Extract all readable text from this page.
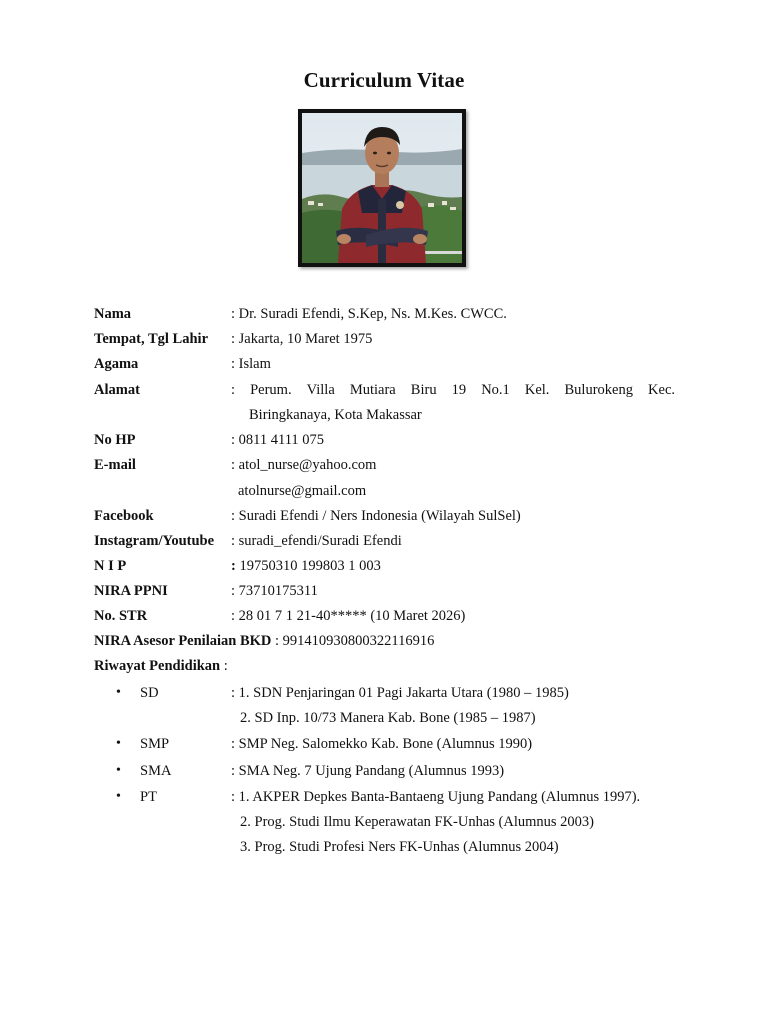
Curriculum Vitae
Nama	: Dr. Suradi Efendi, S.Kep, Ns. M.Kes. CWCC.
Tempat, Tgl Lahir : Jakarta, 10 Maret 1975
Agama	: Islam
Alamat	: Perum. Villa Mutiara Biru 19 No.1 Kel. Bulurokeng Kec.
Biringkanaya, Kota Makassar
No HP	: 0811 4111 075
E-mail	: atol_nurse@yahoo.com
atolnurse@gmail.com
Facebook	: Suradi Efendi / Ners Indonesia (Wilayah SulSel)
Instagram/Youtube : suradi_efendi/Suradi Efendi
N I P	: 19750310 199803 1 003
NIRA PPNI	: 73710175311
No. STR	: 28 01 7 1 21-40***** (10 Maret 2026)
NIRA Asesor Penilaian BKD : 991410930800322116916
Riwayat Pendidikan :
• SD	: 1. SDN Penjaringan 01 Pagi Jakarta Utara (1980 – 1985)
2. SD Inp. 10/73 Manera Kab. Bone (1985 – 1987)
• SMP	: SMP Neg. Salomekko Kab. Bone (Alumnus 1990)
• SMA	: SMA Neg. 7 Ujung Pandang (Alumnus 1993)
• PT	: 1. AKPER Depkes Banta-Bantaeng Ujung Pandang (Alumnus 1997).
2. Prog. Studi Ilmu Keperawatan FK-Unhas (Alumnus 2003)
3. Prog. Studi Profesi Ners FK-Unhas (Alumnus 2004)
